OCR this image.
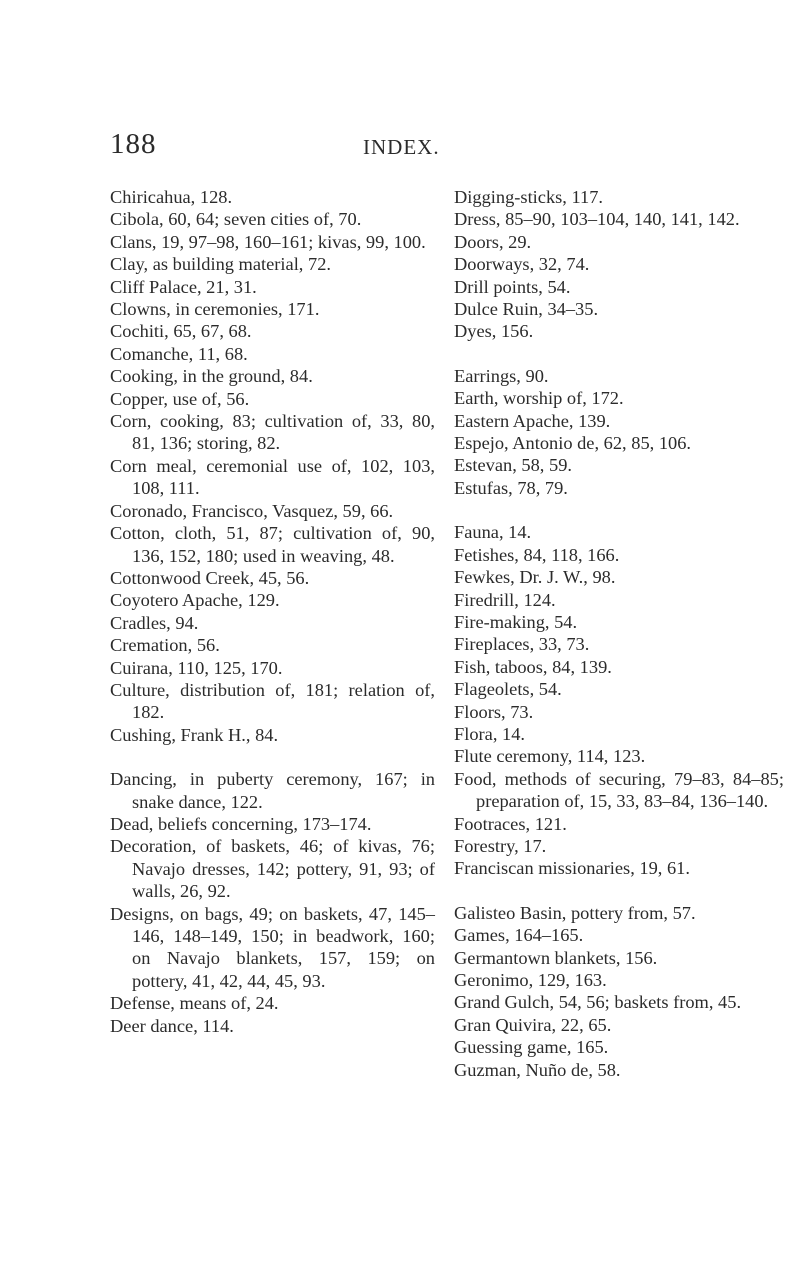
188	INDEX.

Chiricahua, 128.

Cibola, 60, 64; seven cities of, 70.

Clans, 19, 97–98, 160–161; kivas, 99, 100.

Clay, as building material, 72.

Cliff Palace, 21, 31.

Clowns, in ceremonies, 171.

Cochiti, 65, 67, 68.

Comanche, 11, 68.

Cooking, in the ground, 84.

Copper, use of, 56.

Corn, cooking, 83; cultivation of, 33, 80, 81, 136; storing, 82.

Corn meal, ceremonial use of, 102, 103, 108, 111.

Coronado, Francisco, Vasquez, 59, 66.

Cotton, cloth, 51, 87; cultivation of, 90, 136, 152, 180; used in weaving, 48.

Cottonwood Creek, 45, 56.

Coyotero Apache, 129.

Cradles, 94.

Cremation, 56.

Cuirana, 110, 125, 170.

Culture, distribution of, 181; relation of, 182.

Cushing, Frank H., 84.

Dancing, in puberty ceremony, 167; in snake dance, 122.

Dead, beliefs concerning, 173–174.

Decoration, of baskets, 46; of kivas, 76; Navajo dresses, 142; pottery, 91, 93; of walls, 26, 92.

Designs, on bags, 49; on baskets, 47, 145–146, 148–149, 150; in beadwork, 160; on Navajo blankets, 157, 159; on pottery, 41, 42, 44, 45, 93.

Defense, means of, 24.

Deer dance, 114.

Digging-sticks, 117.

Dress, 85–90, 103–104, 140, 141, 142.

Doors, 29.

Doorways, 32, 74.

Drill points, 54.

Dulce Ruin, 34–35.

Dyes, 156.

Earrings, 90.

Earth, worship of, 172.

Eastern Apache, 139.

Espejo, Antonio de, 62, 85, 106.

Estevan, 58, 59.

Estufas, 78, 79.

Fauna, 14.

Fetishes, 84, 118, 166.

Fewkes, Dr. J. W., 98.

Firedrill, 124.

Fire-making, 54.

Fireplaces, 33, 73.

Fish, taboos, 84, 139.

Flageolets, 54.

Floors, 73.

Flora, 14.

Flute ceremony, 114, 123.

Food, methods of securing, 79–83, 84–85; preparation of, 15, 33, 83–84, 136–140.

Footraces, 121.

Forestry, 17.

Franciscan missionaries, 19, 61.

Galisteo Basin, pottery from, 57.

Games, 164–165.

Germantown blankets, 156.

Geronimo, 129, 163.

Grand Gulch, 54, 56; baskets from, 45.

Gran Quivira, 22, 65.

Guessing game, 165.

Guzman, Nuño de, 58.
